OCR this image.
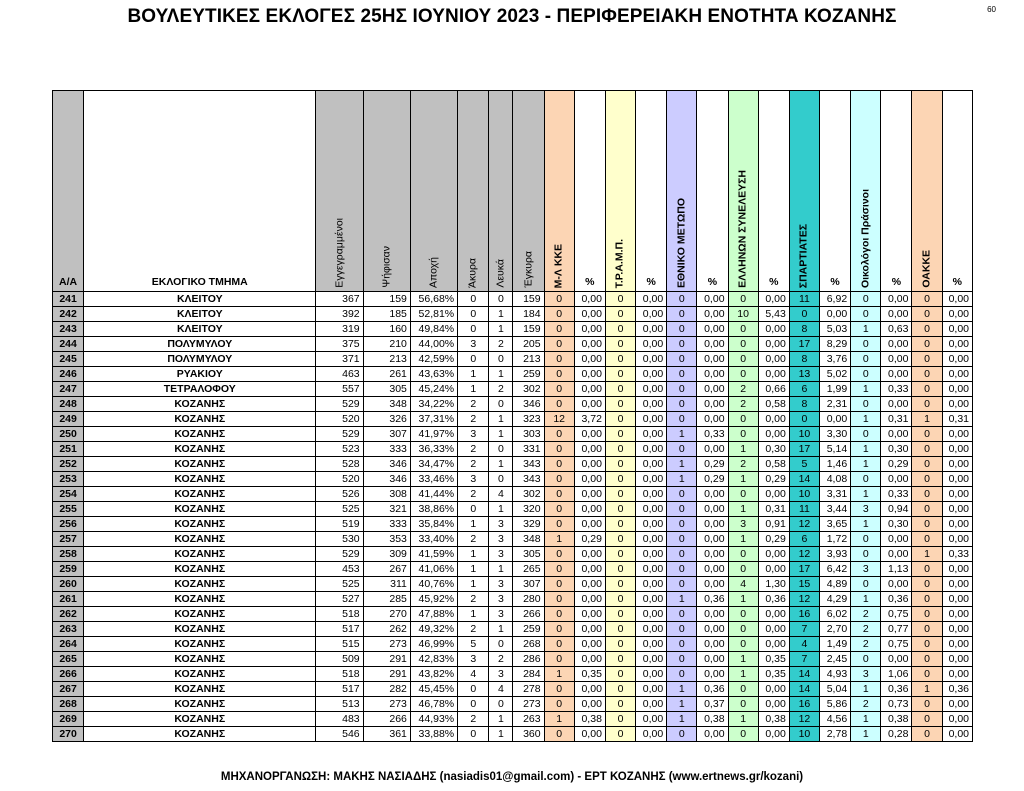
ΒΟΥΛΕΥΤΙΚΕΣ ΕΚΛΟΓΕΣ 25ΗΣ ΙΟΥΝΙΟΥ 2023 - ΠΕΡΙΦΕΡΕΙΑΚΗ ΕΝΟΤΗΤΑ ΚΟΖΑΝΗΣ	60
Α/Α	ΕΚΛΟΓΙΚΟ ΤΜΗΜΑ	Εγγεγραμμένοι	Ψήφισαν	Αποχή	Άκυρα	Λευκά	Έγκυρα	Μ-Λ ΚΚΕ	%	Τ.Ρ.Α.Μ.Π.	%	ΕΘΝΙΚΟ ΜΕΤΩΠΟ	%	ΕΛΛΗΝΩΝ ΣΥΝΕΛΕΥΣΗ	%	ΣΠΑΡΤΙΑΤΕΣ	%	Οικολόγοι Πράσινοι	%	ΟΑΚΚΕ	%

241	ΚΛΕΙΤΟΥ	367	159	56,68%	0	0	159	0	0,00	0	0,00	0	0,00	0	0,00	11	6,92	0	0,00	0	0,00
242	ΚΛΕΙΤΟΥ	392	185	52,81%	0	1	184	0	0,00	0	0,00	0	0,00	10	5,43	0	0,00	0	0,00	0	0,00
243	ΚΛΕΙΤΟΥ	319	160	49,84%	0	1	159	0	0,00	0	0,00	0	0,00	0	0,00	8	5,03	1	0,63	0	0,00
244	ΠΟΛΥΜΥΛΟΥ	375	210	44,00%	3	2	205	0	0,00	0	0,00	0	0,00	0	0,00	17	8,29	0	0,00	0	0,00
245	ΠΟΛΥΜΥΛΟΥ	371	213	42,59%	0	0	213	0	0,00	0	0,00	0	0,00	0	0,00	8	3,76	0	0,00	0	0,00
246	ΡΥΑΚΙΟΥ	463	261	43,63%	1	1	259	0	0,00	0	0,00	0	0,00	0	0,00	13	5,02	0	0,00	0	0,00
247	ΤΕΤΡΑΛΟΦΟΥ	557	305	45,24%	1	2	302	0	0,00	0	0,00	0	0,00	2	0,66	6	1,99	1	0,33	0	0,00
248	ΚΟΖΑΝΗΣ	529	348	34,22%	2	0	346	0	0,00	0	0,00	0	0,00	2	0,58	8	2,31	0	0,00	0	0,00
249	ΚΟΖΑΝΗΣ	520	326	37,31%	2	1	323	12	3,72	0	0,00	0	0,00	0	0,00	0	0,00	1	0,31	1	0,31
250	ΚΟΖΑΝΗΣ	529	307	41,97%	3	1	303	0	0,00	0	0,00	1	0,33	0	0,00	10	3,30	0	0,00	0	0,00
251	ΚΟΖΑΝΗΣ	523	333	36,33%	2	0	331	0	0,00	0	0,00	0	0,00	1	0,30	17	5,14	1	0,30	0	0,00
252	ΚΟΖΑΝΗΣ	528	346	34,47%	2	1	343	0	0,00	0	0,00	1	0,29	2	0,58	5	1,46	1	0,29	0	0,00
253	ΚΟΖΑΝΗΣ	520	346	33,46%	3	0	343	0	0,00	0	0,00	1	0,29	1	0,29	14	4,08	0	0,00	0	0,00
254	ΚΟΖΑΝΗΣ	526	308	41,44%	2	4	302	0	0,00	0	0,00	0	0,00	0	0,00	10	3,31	1	0,33	0	0,00
255	ΚΟΖΑΝΗΣ	525	321	38,86%	0	1	320	0	0,00	0	0,00	0	0,00	1	0,31	11	3,44	3	0,94	0	0,00
256	ΚΟΖΑΝΗΣ	519	333	35,84%	1	3	329	0	0,00	0	0,00	0	0,00	3	0,91	12	3,65	1	0,30	0	0,00
257	ΚΟΖΑΝΗΣ	530	353	33,40%	2	3	348	1	0,29	0	0,00	0	0,00	1	0,29	6	1,72	0	0,00	0	0,00
258	ΚΟΖΑΝΗΣ	529	309	41,59%	1	3	305	0	0,00	0	0,00	0	0,00	0	0,00	12	3,93	0	0,00	1	0,33
259	ΚΟΖΑΝΗΣ	453	267	41,06%	1	1	265	0	0,00	0	0,00	0	0,00	0	0,00	17	6,42	3	1,13	0	0,00
260	ΚΟΖΑΝΗΣ	525	311	40,76%	1	3	307	0	0,00	0	0,00	0	0,00	4	1,30	15	4,89	0	0,00	0	0,00
261	ΚΟΖΑΝΗΣ	527	285	45,92%	2	3	280	0	0,00	0	0,00	1	0,36	1	0,36	12	4,29	1	0,36	0	0,00
262	ΚΟΖΑΝΗΣ	518	270	47,88%	1	3	266	0	0,00	0	0,00	0	0,00	0	0,00	16	6,02	2	0,75	0	0,00
263	ΚΟΖΑΝΗΣ	517	262	49,32%	2	1	259	0	0,00	0	0,00	0	0,00	0	0,00	7	2,70	2	0,77	0	0,00
264	ΚΟΖΑΝΗΣ	515	273	46,99%	5	0	268	0	0,00	0	0,00	0	0,00	0	0,00	4	1,49	2	0,75	0	0,00
265	ΚΟΖΑΝΗΣ	509	291	42,83%	3	2	286	0	0,00	0	0,00	0	0,00	1	0,35	7	2,45	0	0,00	0	0,00
266	ΚΟΖΑΝΗΣ	518	291	43,82%	4	3	284	1	0,35	0	0,00	0	0,00	1	0,35	14	4,93	3	1,06	0	0,00
267	ΚΟΖΑΝΗΣ	517	282	45,45%	0	4	278	0	0,00	0	0,00	1	0,36	0	0,00	14	5,04	1	0,36	1	0,36
268	ΚΟΖΑΝΗΣ	513	273	46,78%	0	0	273	0	0,00	0	0,00	1	0,37	0	0,00	16	5,86	2	0,73	0	0,00
269	ΚΟΖΑΝΗΣ	483	266	44,93%	2	1	263	1	0,38	0	0,00	1	0,38	1	0,38	12	4,56	1	0,38	0	0,00
270	ΚΟΖΑΝΗΣ	546	361	33,88%	0	1	360	0	0,00	0	0,00	0	0,00	0	0,00	10	2,78	1	0,28	0	0,00
ΜΗΧΑΝΟΡΓΑΝΩΣΗ: ΜΑΚΗΣ ΝΑΣΙΑΔΗΣ (nasiadis01@gmail.com) - ΕΡΤ ΚΟΖΑΝΗΣ (www.ertnews.gr/kozani)
